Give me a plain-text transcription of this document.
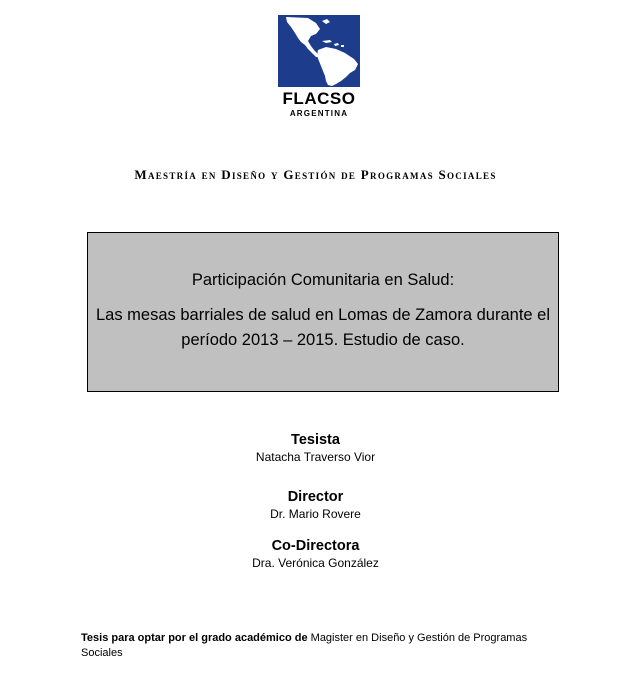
FLACSO
ARGENTINA
Maestría en Diseño y Gestión de Programas Sociales
Participación Comunitaria en Salud:
Las mesas barriales de salud en Lomas de Zamora durante el período 2013 – 2015. Estudio de caso.
Tesista
Natacha Traverso Vior
Director
Dr. Mario Rovere
Co-Directora
Dra. Verónica González
Tesis para optar por el grado académico de Magister en Diseño y Gestión de Programas Sociales
